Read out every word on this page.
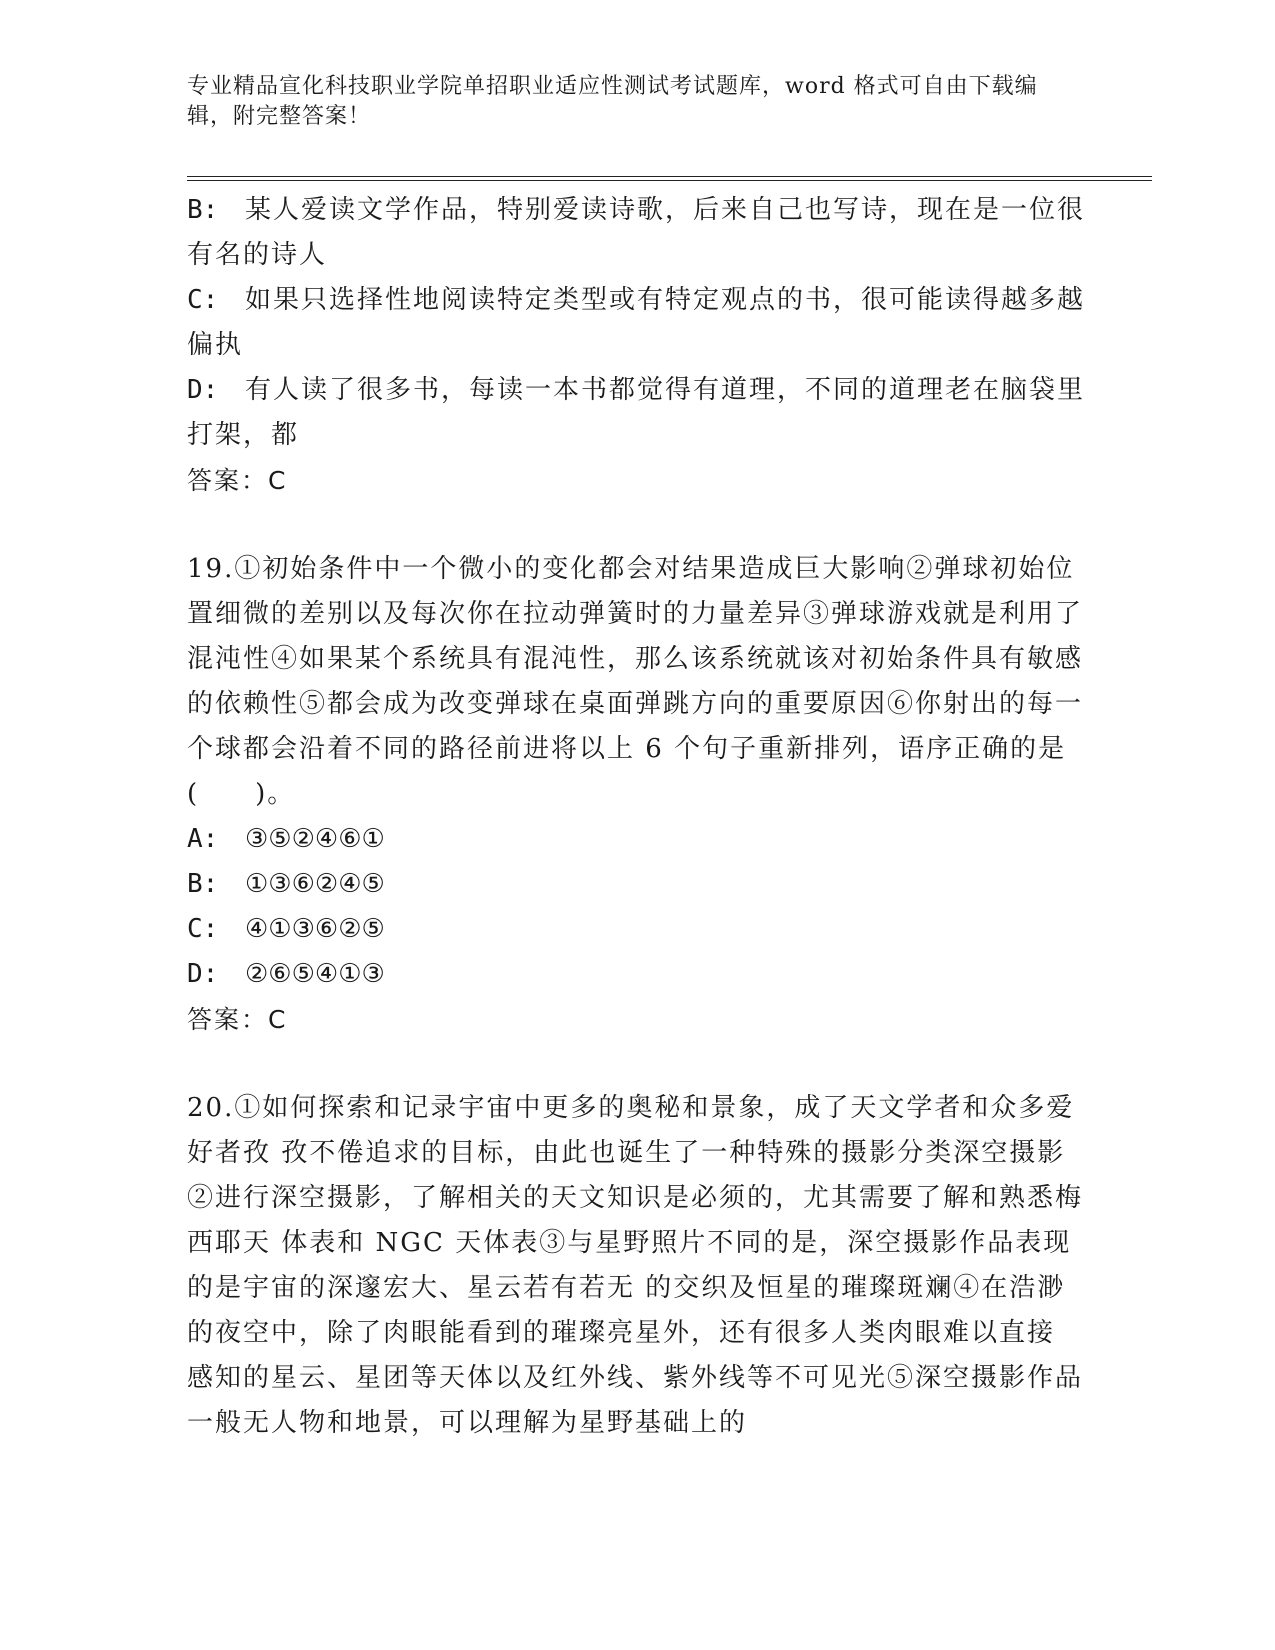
专业精品宣化科技职业学院单招职业适应性测试考试题库，word 格式可自由下载编辑，附完整答案！
B: 某人爱读文学作品，特别爱读诗歌，后来自己也写诗，现在是一位很有名的诗人
C: 如果只选择性地阅读特定类型或有特定观点的书，很可能读得越多越偏执
D: 有人读了很多书，每读一本书都觉得有道理，不同的道理老在脑袋里打架，都
答案：C
19.①初始条件中一个微小的变化都会对结果造成巨大影响②弹球初始位置细微的差别以及每次你在拉动弹簧时的力量差异③弹球游戏就是利用了混沌性④如果某个系统具有混沌性，那么该系统就该对初始条件具有敏感的依赖性⑤都会成为改变弹球在桌面弹跳方向的重要原因⑥你射出的每一个球都会沿着不同的路径前进将以上 6 个句子重新排列，语序正确的是(　　)。
A: ③⑤②④⑥①
B: ①③⑥②④⑤
C: ④①③⑥②⑤
D: ②⑥⑤④①③
答案：C
20.①如何探索和记录宇宙中更多的奥秘和景象，成了天文学者和众多爱好者孜 孜不倦追求的目标，由此也诞生了一种特殊的摄影分类深空摄影②进行深空摄影，了解相关的天文知识是必须的，尤其需要了解和熟悉梅西耶天 体表和 NGC 天体表③与星野照片不同的是，深空摄影作品表现的是宇宙的深邃宏大、星云若有若无 的交织及恒星的璀璨斑斓④在浩渺的夜空中，除了肉眼能看到的璀璨亮星外，还有很多人类肉眼难以直接 感知的星云、星团等天体以及红外线、紫外线等不可见光⑤深空摄影作品一般无人物和地景，可以理解为星野基础上的
